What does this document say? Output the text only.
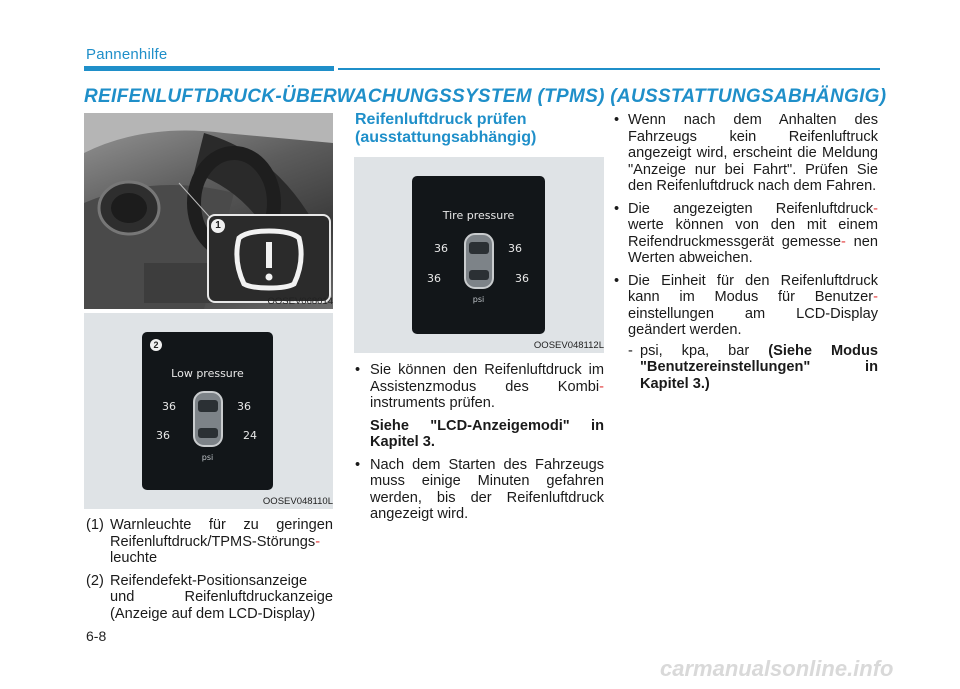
Pannenhilfe
REIFENLUFTDRUCK-ÜBERWACHUNGSSYSTEM (TPMS) (AUSSTATTUNGSABHÄNGIG)
1
OOSEV068014
2
Low pressure
36	36
36	24
psi
OOSEV048110L
(1) Warnleuchte für zu geringen Reifenluftdruck/TPMS-Störungs- leuchte
(2) Reifendefekt-Positionsanzeige und Reifenluftdruckanzeige (Anzeige auf dem LCD-Display)
Reifenluftdruck prüfen (ausstattungsabhängig)
Tire pressure
36	36
36	36
psi
OOSEV048112L
• Sie können den Reifenluftdruck im Assistenzmodus des Kombi- instruments prüfen.
Siehe "LCD-Anzeigemodi" in Kapitel 3.
• Nach dem Starten des Fahrzeugs muss einige Minuten gefahren werden, bis der Reifenluftdruck angezeigt wird.
• Wenn nach dem Anhalten des Fahrzeugs kein Reifenluftruck angezeigt wird, erscheint die Meldung "Anzeige nur bei Fahrt". Prüfen Sie den Reifenluftdruck nach dem Fahren.
• Die angezeigten Reifenluftdruck- werte können von den mit einem Reifendruckmessgerät gemesse- nen Werten abweichen.
• Die Einheit für den Reifenluftdruck kann im Modus für Benutzer- einstellungen am LCD-Display geändert werden.
- psi, kpa, bar (Siehe Modus "Benutzereinstellungen" in Kapitel 3.)
6-8
carmanualsonline.info
